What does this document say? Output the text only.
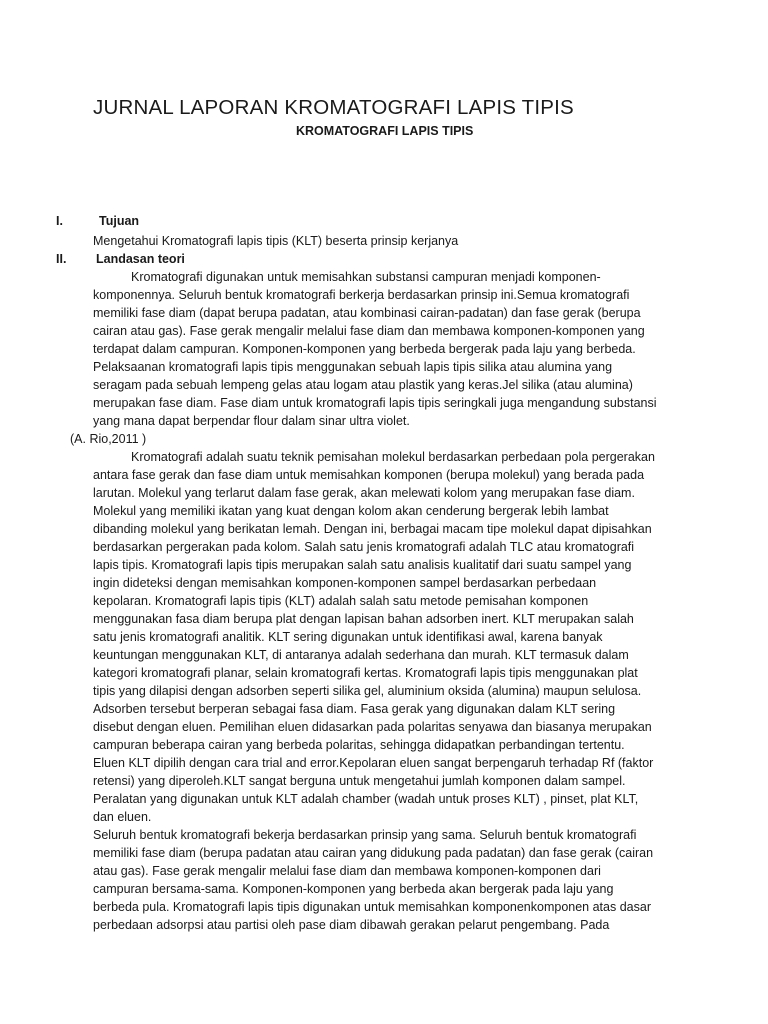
JURNAL LAPORAN KROMATOGRAFI LAPIS TIPIS
KROMATOGRAFI LAPIS TIPIS
I.	Tujuan
Mengetahui Kromatografi lapis tipis (KLT) beserta prinsip kerjanya
II. Landasan teori
Kromatografi digunakan untuk memisahkan substansi campuran menjadi komponen-
komponennya. Seluruh bentuk kromatografi berkerja berdasarkan prinsip ini.Semua kromatografi
memiliki fase diam (dapat berupa padatan, atau kombinasi cairan-padatan) dan fase gerak (berupa
cairan atau gas). Fase gerak mengalir melalui fase diam dan membawa komponen-komponen yang
terdapat dalam campuran. Komponen-komponen yang berbeda bergerak pada laju yang berbeda.
Pelaksaanan kromatografi lapis tipis menggunakan sebuah lapis tipis silika atau alumina yang
seragam pada sebuah lempeng gelas atau logam atau plastik yang keras.Jel silika (atau alumina)
merupakan fase diam. Fase diam untuk kromatografi lapis tipis seringkali juga mengandung substansi
yang mana dapat berpendar flour dalam sinar ultra violet.
(A. Rio,2011 )
Kromatografi adalah suatu teknik pemisahan molekul berdasarkan perbedaan pola pergerakan
antara fase gerak dan fase diam untuk memisahkan komponen (berupa molekul) yang berada pada
larutan. Molekul yang terlarut dalam fase gerak, akan melewati kolom yang merupakan fase diam.
Molekul yang memiliki ikatan yang kuat dengan kolom akan cenderung bergerak lebih lambat
dibanding molekul yang berikatan lemah. Dengan ini, berbagai macam tipe molekul dapat dipisahkan
berdasarkan pergerakan pada kolom. Salah satu jenis kromatografi adalah TLC atau kromatografi
lapis tipis. Kromatografi lapis tipis merupakan salah satu analisis kualitatif dari suatu sampel yang
ingin dideteksi dengan memisahkan komponen-komponen sampel berdasarkan perbedaan
kepolaran. Kromatografi lapis tipis (KLT) adalah salah satu metode pemisahan komponen
menggunakan fasa diam berupa plat dengan lapisan bahan adsorben inert. KLT merupakan salah
satu jenis kromatografi analitik. KLT sering digunakan untuk identifikasi awal, karena banyak
keuntungan menggunakan KLT, di antaranya adalah sederhana dan murah. KLT termasuk dalam
kategori kromatografi planar, selain kromatografi kertas. Kromatografi lapis tipis menggunakan plat
tipis yang dilapisi dengan adsorben seperti silika gel, aluminium oksida (alumina) maupun selulosa.
Adsorben tersebut berperan sebagai fasa diam. Fasa gerak yang digunakan dalam KLT sering
disebut dengan eluen. Pemilihan eluen didasarkan pada polaritas senyawa dan biasanya merupakan
campuran beberapa cairan yang berbeda polaritas, sehingga didapatkan perbandingan tertentu.
Eluen KLT dipilih dengan cara trial and error.Kepolaran eluen sangat berpengaruh terhadap Rf (faktor
retensi) yang diperoleh.KLT sangat berguna untuk mengetahui jumlah komponen dalam sampel.
Peralatan yang digunakan untuk KLT adalah chamber (wadah untuk proses KLT) , pinset, plat KLT,
dan eluen.
Seluruh bentuk kromatografi bekerja berdasarkan prinsip yang sama. Seluruh bentuk kromatografi
memiliki fase diam (berupa padatan atau cairan yang didukung pada padatan) dan fase gerak (cairan
atau gas). Fase gerak mengalir melalui fase diam dan membawa komponen-komponen dari
campuran bersama-sama. Komponen-komponen yang berbeda akan bergerak pada laju yang
berbeda pula. Kromatografi lapis tipis digunakan untuk memisahkan komponenkomponen atas dasar
perbedaan adsorpsi atau partisi oleh pase diam dibawah gerakan pelarut pengembang. Pada
